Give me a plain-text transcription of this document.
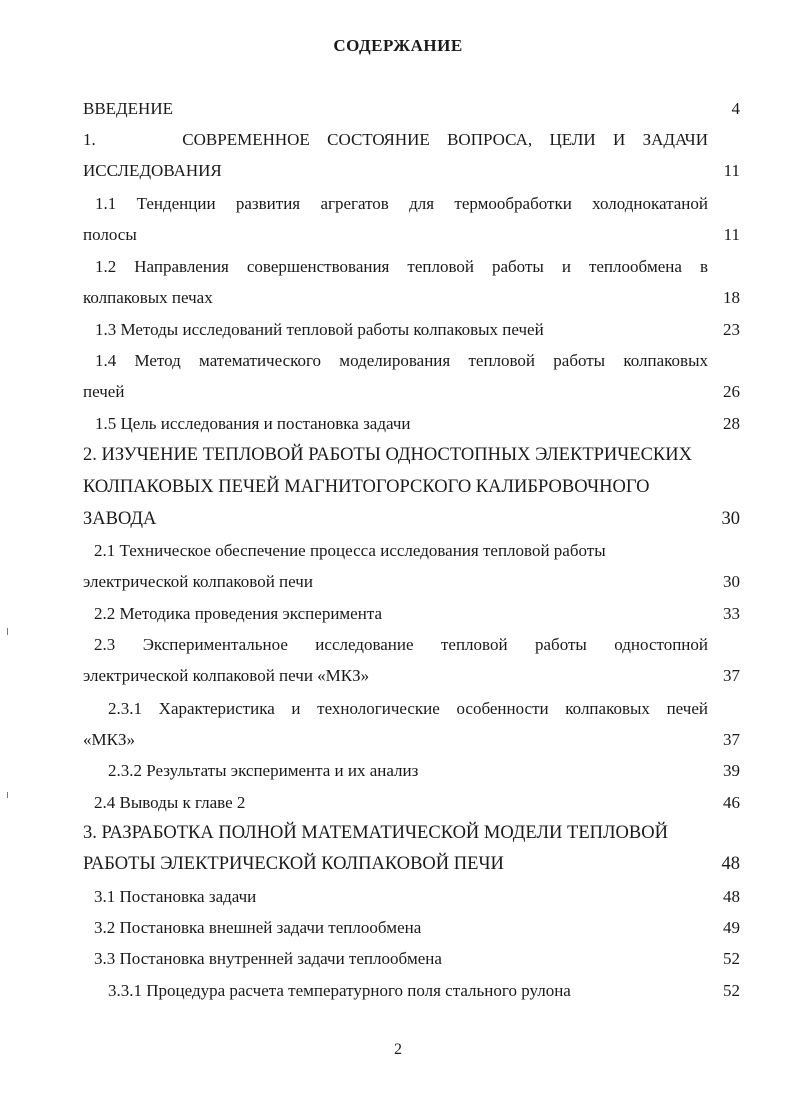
СОДЕРЖАНИЕ
ВВЕДЕНИЕ	4
1.     СОВРЕМЕННОЕ СОСТОЯНИЕ ВОПРОСА, ЦЕЛИ И ЗАДАЧИ
ИССЛЕДОВАНИЯ	11
1.1 Тенденции развития агрегатов для термообработки холоднокатаной
полосы	11
1.2 Направления совершенствования тепловой работы и теплообмена в
колпаковых печах	18
1.3 Методы исследований тепловой работы колпаковых печей	23
1.4 Метод математического моделирования тепловой работы колпаковых
печей	26
1.5 Цель исследования и постановка задачи	28
2. ИЗУЧЕНИЕ ТЕПЛОВОЙ РАБОТЫ ОДНОСТОПНЫХ ЭЛЕКТРИЧЕСКИХ
КОЛПАКОВЫХ ПЕЧЕЙ МАГНИТОГОРСКОГО КАЛИБРОВОЧНОГО
ЗАВОДА	30
2.1 Техническое обеспечение процесса исследования тепловой работы
электрической колпаковой печи	30
2.2 Методика проведения эксперимента	33
2.3 Экспериментальное исследование тепловой работы одностопной
электрической колпаковой печи «МКЗ»	37
2.3.1 Характеристика и технологические особенности колпаковых печей
«МКЗ»	37
2.3.2 Результаты эксперимента и их анализ	39
2.4 Выводы к главе 2	46
3. РАЗРАБОТКА ПОЛНОЙ МАТЕМАТИЧЕСКОЙ МОДЕЛИ ТЕПЛОВОЙ
РАБОТЫ ЭЛЕКТРИЧЕСКОЙ КОЛПАКОВОЙ ПЕЧИ	48
3.1 Постановка задачи	48
3.2 Постановка внешней задачи теплообмена	49
3.3 Постановка внутренней задачи теплообмена	52
3.3.1 Процедура расчета температурного поля стального рулона	52
2
